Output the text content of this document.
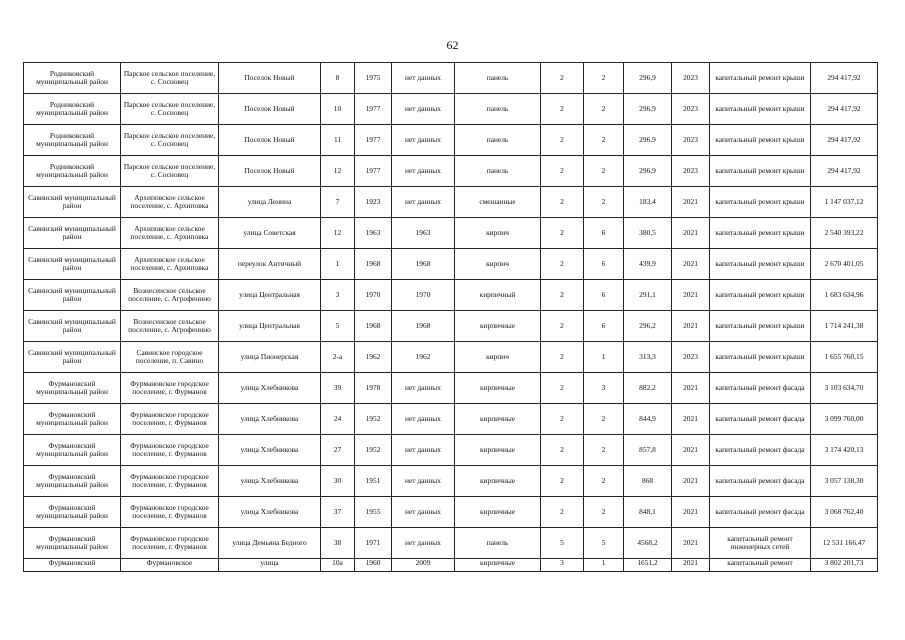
62
Родниковский муниципальный район	Парское сельское поселение, с. Сосновец	Поселок Новый	8	1975	нет данных	панель	2	2	296,9	2023	капитальный ремонт крыши	294 417,92
Родниковский муниципальный район	Парское сельское поселение, с. Сосновец	Поселок Новый	10	1977	нет данных	панель	2	2	296,9	2023	капитальный ремонт крыши	294 417,92
Родниковский муниципальный район	Парское сельское поселение, с. Сосновец	Поселок Новый	11	1977	нет данных	панель	2	2	296,9	2023	капитальный ремонт крыши	294 417,92
Родниковский муниципальный район	Парское сельское поселение, с. Сосновец	Поселок Новый	12	1977	нет данных	панель	2	2	296,9	2023	капитальный ремонт крыши	294 417,92
Савинский муниципальный район	Архиповское сельское поселение, с. Архиповка	улица Ленина	7	1923	нет данных	смешанные	2	2	183,4	2021	капитальный ремонт крыши	1 147 037,12
Савинский муниципальный район	Архиповское сельское поселение, с. Архиповка	улица Советская	12	1963	1963	кирпич	2	6	380,5	2021	капитальный ремонт крыши	2 540 393,22
Савинский муниципальный район	Архиповское сельское поселение, с. Архиповка	переулок Античный	1	1968	1968	кирпич	2	6	439,9	2021	капитальный ремонт крыши	2 670 401,05
Савинский муниципальный район	Вознесенское сельское поселение, с. Агрофенино	улица Центральная	3	1970	1970	кирпичный	2	6	291,1	2021	капитальный ремонт крыши	1 683 634,96
Савинский муниципальный район	Вознесенское сельское поселение, с. Агрофенино	улица Центральная	5	1968	1968	кирпичные	2	6	296,2	2021	капитальный ремонт крыши	1 714 241,38
Савинский муниципальный район	Савинское городское поселение, п. Савино	улица Пионерская	2-а	1962	1962	кирпич	2	1	313,3	2023	капитальный ремонт крыши	1 655 760,15
Фурмановский муниципальный район	Фурмановское городское поселение, г. Фурманов	улица Хлебникова	39	1978	нет данных	кирпичные	2	3	882,2	2021	капитальный ремонт фасада	3 103 634,70
Фурмановский муниципальный район	Фурмановское городское поселение, г. Фурманов	улица Хлебникова	24	1952	нет данных	кирпичные	2	2	844,9	2021	капитальный ремонт фасада	3 099 760,00
Фурмановский муниципальный район	Фурмановское городское поселение, г. Фурманов	улица Хлебникова	27	1952	нет данных	кирпичные	2	2	857,8	2021	капитальный ремонт фасада	3 174 420,13
Фурмановский муниципальный район	Фурмановское городское поселение, г. Фурманов	улица Хлебникова	30	1951	нет данных	кирпичные	2	2	868	2021	капитальный ремонт фасада	3 057 138,30
Фурмановский муниципальный район	Фурмановское городское поселение, г. Фурманов	улица Хлебникова	37	1955	нет данных	кирпичные	2	2	848,1	2021	капитальный ремонт фасада	3 068 762,40
Фурмановский муниципальный район	Фурмановское городское поселение, г. Фурманов	улица Демьяна Бедного	38	1971	нет данных	панель	5	5	4568,2	2021	капитальный ремонт инженерных сетей	12 531 166,47
Фурмановский	Фурмановское	улица	10а	1960	2009	кирпичные	3	1	1651,2	2021	капитальный ремонт	3 802 201,73
